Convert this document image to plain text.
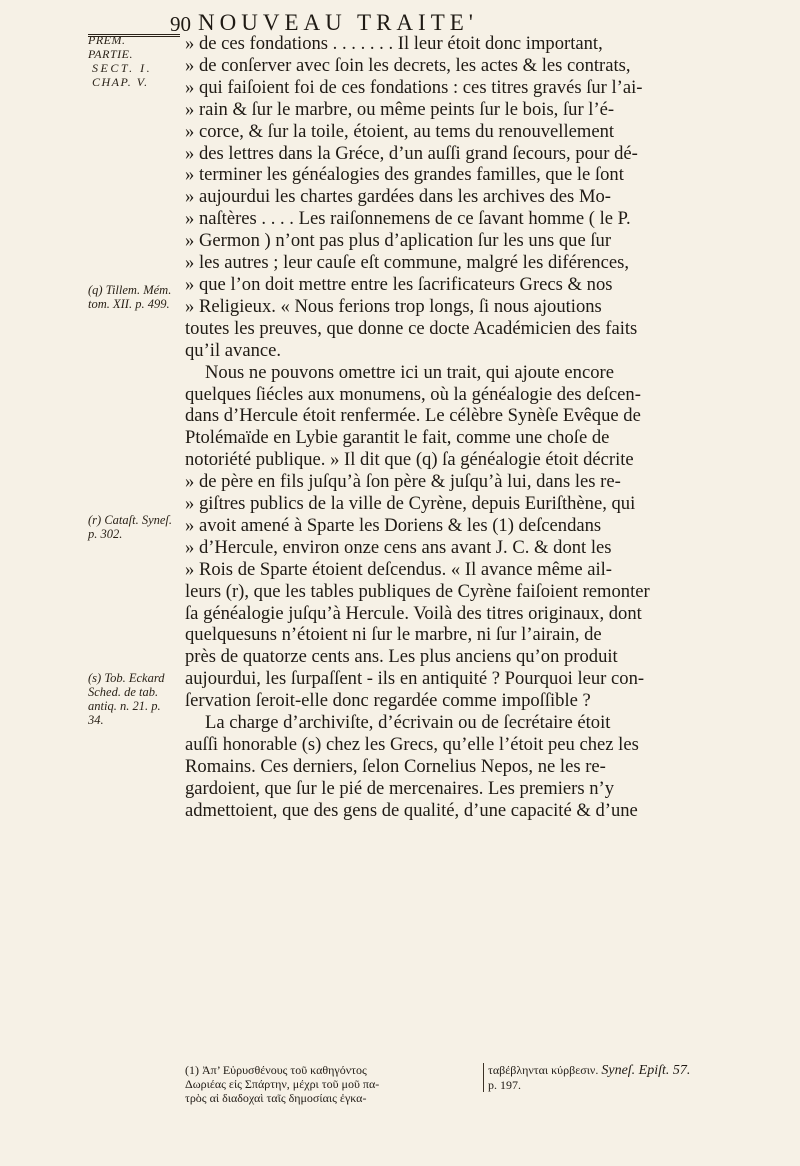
90 NOUVEAU TRAITE'
PREM. PARTIE.
SECT. I.
CHAP. V.
(q) Tillem. Mém. tom. XII. p. 499.
(r) Cataſt. Syneſ. p. 302.
(s) Tob. Eckard Sched. de tab. antiq. n. 21. p. 34.
» de ces fondations . . . . . . . Il leur étoit donc important,
» de conſerver avec ſoin les decrets, les actes & les contrats,
» qui faiſoient foi de ces fondations : ces titres gravés ſur l’ai-
» rain & ſur le marbre, ou même peints ſur le bois, ſur l’é-
» corce, & ſur la toile, étoient, au tems du renouvellement
» des lettres dans la Gréce, d’un auſſi grand ſecours, pour dé-
» terminer les généalogies des grandes familles, que le ſont
» aujourdui les chartes gardées dans les archives des Mo-
» naſtères . . . . Les raiſonnemens de ce ſavant homme ( le P.
» Germon ) n’ont pas plus d’aplication ſur les uns que ſur
» les autres ; leur cauſe eſt commune, malgré les diférences,
» que l’on doit mettre entre les ſacrificateurs Grecs & nos
» Religieux. « Nous ferions trop longs, ſi nous ajoutions
toutes les preuves, que donne ce docte Académicien des faits
qu’il avance.
Nous ne pouvons omettre ici un trait, qui ajoute encore
quelques ſiécles aux monumens, où la généalogie des deſcen-
dans d’Hercule étoit renfermée. Le célèbre Synèſe Evêque de
Ptolémaïde en Lybie garantit le fait, comme une choſe de
notoriété publique. » Il dit que (q) ſa généalogie étoit décrite
» de père en fils juſqu’à ſon père & juſqu’à lui, dans les re-
» giſtres publics de la ville de Cyrène, depuis Euriſthène, qui
» avoit amené à Sparte les Doriens & les (1) deſcendans
» d’Hercule, environ onze cens ans avant J. C. & dont les
» Rois de Sparte étoient deſcendus. « Il avance même ail-
leurs (r), que les tables publiques de Cyrène faiſoient remonter
ſa généalogie juſqu’à Hercule. Voilà des titres originaux, dont
quelquesuns n’étoient ni ſur le marbre, ni ſur l’airain, de
près de quatorze cents ans. Les plus anciens qu’on produit
aujourdui, les ſurpaſſent - ils en antiquité ? Pourquoi leur con-
ſervation ſeroit-elle donc regardée comme impoſſible ?
La charge d’archiviſte, d’écrivain ou de ſecrétaire étoit
auſſi honorable (s) chez les Grecs, qu’elle l’étoit peu chez les
Romains. Ces derniers, ſelon Cornelius Nepos, ne les re-
gardoient, que ſur le pié de mercenaires. Les premiers n’y
admettoient, que des gens de qualité, d’une capacité & d’une
(1) Ἀπ’ Εὐρυσθένους τοῦ καθηγόντος
Δωριέας εἰς Σπάρτην, μέχρι τοῦ μοῦ πα-
τρὸς αἱ διαδοχαὶ ταῖς δημοσίαις ἐγκα-
ταβέβληνται κύρβεσιν. Syneſ. Epiſt. 57.
p. 197.
